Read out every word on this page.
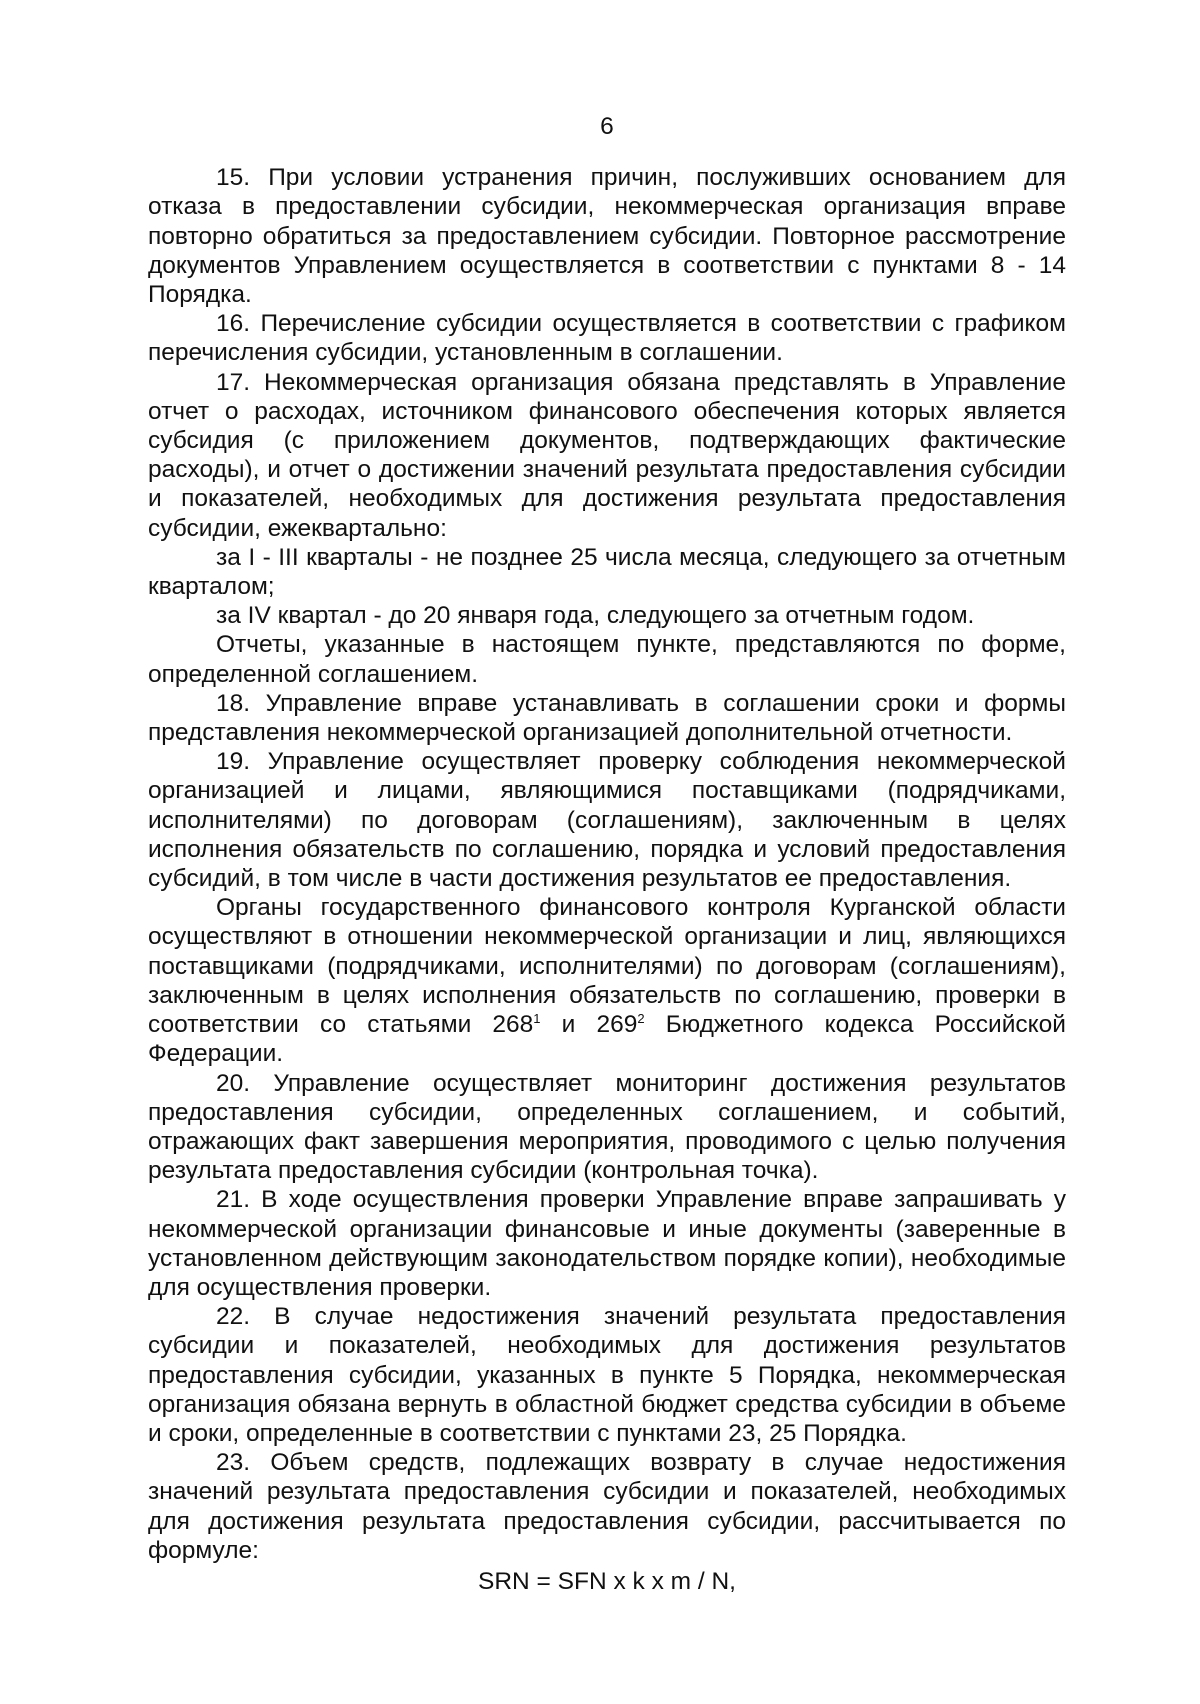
6

15. При условии устранения причин, послуживших основанием для отказа в предоставлении субсидии, некоммерческая организация вправе повторно обратиться за предоставлением субсидии. Повторное рассмотрение документов Управлением осуществляется в соответствии с пунктами 8 - 14 Порядка.

16. Перечисление субсидии осуществляется в соответствии с графиком перечисления субсидии, установленным в соглашении.

17. Некоммерческая организация обязана представлять в Управление отчет о расходах, источником финансового обеспечения которых является субсидия (с приложением документов, подтверждающих фактические расходы), и отчет о достижении значений результата предоставления субсидии и показателей, необходимых для достижения результата предоставления субсидии, ежеквартально:

за I - III кварталы - не позднее 25 числа месяца, следующего за отчетным кварталом;

за IV квартал - до 20 января года, следующего за отчетным годом.

Отчеты, указанные в настоящем пункте, представляются по форме, определенной соглашением.

18. Управление вправе устанавливать в соглашении сроки и формы представления некоммерческой организацией дополнительной отчетности.

19. Управление осуществляет проверку соблюдения некоммерческой организацией и лицами, являющимися поставщиками (подрядчиками, исполнителями) по договорам (соглашениям), заключенным в целях исполнения обязательств по соглашению, порядка и условий предоставления субсидий, в том числе в части достижения результатов ее предоставления.

Органы государственного финансового контроля Курганской области осуществляют в отношении некоммерческой организации и лиц, являющихся поставщиками (подрядчиками, исполнителями) по договорам (соглашениям), заключенным в целях исполнения обязательств по соглашению, проверки в соответствии со статьями $268^1$ и $269^2$ Бюджетного кодекса Российской Федерации.

20. Управление осуществляет мониторинг достижения результатов предоставления субсидии, определенных соглашением, и событий, отражающих факт завершения мероприятия, проводимого с целью получения результата предоставления субсидии (контрольная точка).

21. В ходе осуществления проверки Управление вправе запрашивать у некоммерческой организации финансовые и иные документы (заверенные в установленном действующим законодательством порядке копии), необходимые для осуществления проверки.

22. В случае недостижения значений результата предоставления субсидии и показателей, необходимых для достижения результатов предоставления субсидии, указанных в пункте 5 Порядка, некоммерческая организация обязана вернуть в областной бюджет средства субсидии в объеме и сроки, определенные в соответствии с пунктами 23, 25 Порядка.

23. Объем средств, подлежащих возврату в случае недостижения значений результата предоставления субсидии и показателей, необходимых для достижения результата предоставления субсидии, рассчитывается по формуле:

SRN = SFN x k x m / N,
